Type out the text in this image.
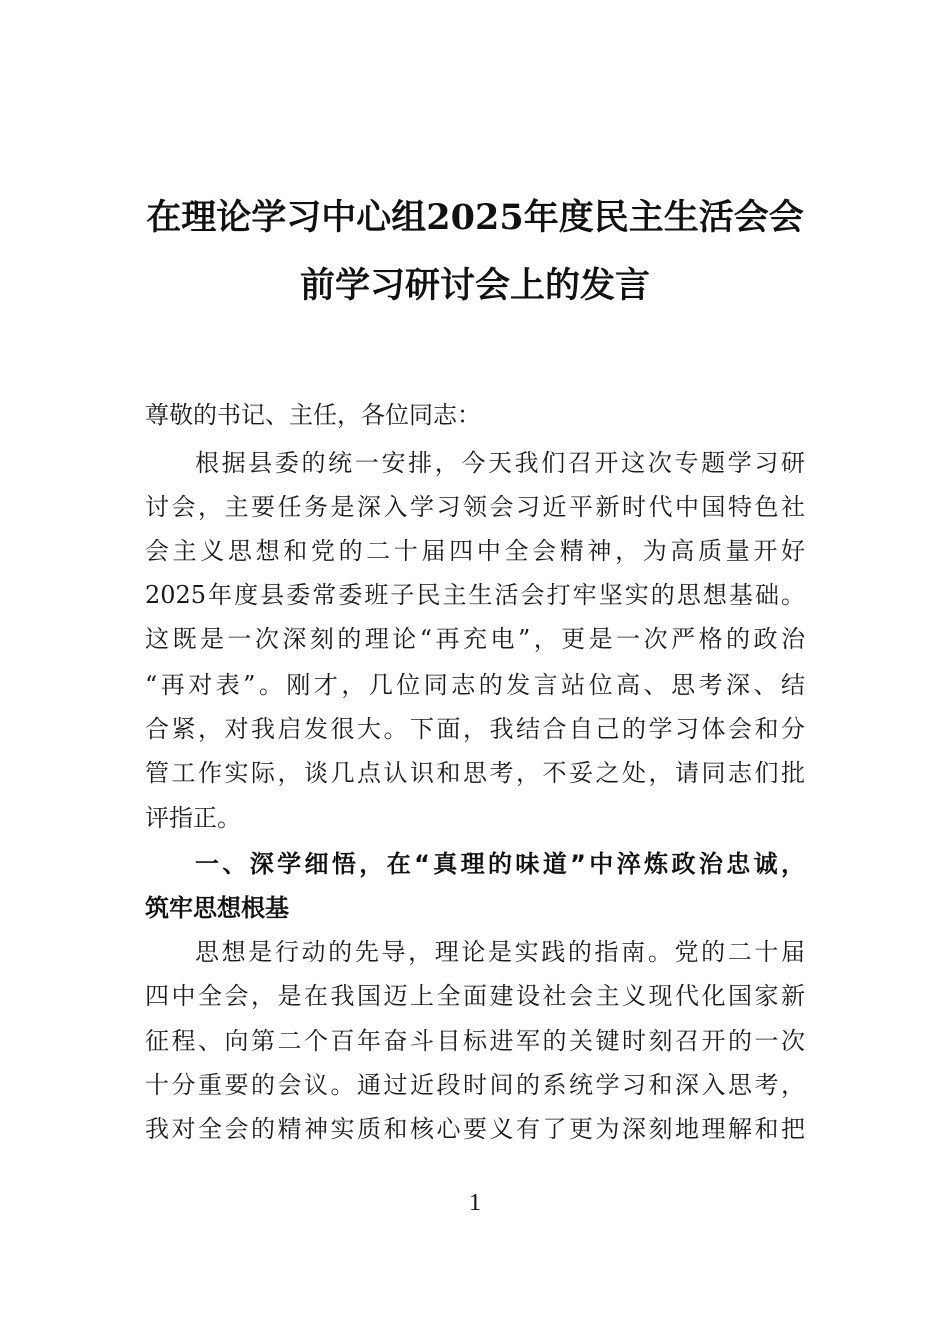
在理论学习中心组2025年度民主生活会会
前学习研讨会上的发言
尊敬的书记、主任，各位同志：
根据县委的统一安排，今天我们召开这次专题学习研
讨会，主要任务是深入学习领会习近平新时代中国特色社
会主义思想和党的二十届四中全会精神，为高质量开好
2025年度县委常委班子民主生活会打牢坚实的思想基础。
这既是一次深刻的理论“再充电”，更是一次严格的政治
“再对表”。刚才，几位同志的发言站位高、思考深、结
合紧，对我启发很大。下面，我结合自己的学习体会和分
管工作实际，谈几点认识和思考，不妥之处，请同志们批
评指正。
一、深学细悟，在“真理的味道”中淬炼政治忠诚，
筑牢思想根基
思想是行动的先导，理论是实践的指南。党的二十届
四中全会，是在我国迈上全面建设社会主义现代化国家新
征程、向第二个百年奋斗目标进军的关键时刻召开的一次
十分重要的会议。通过近段时间的系统学习和深入思考，
我对全会的精神实质和核心要义有了更为深刻地理解和把
1
